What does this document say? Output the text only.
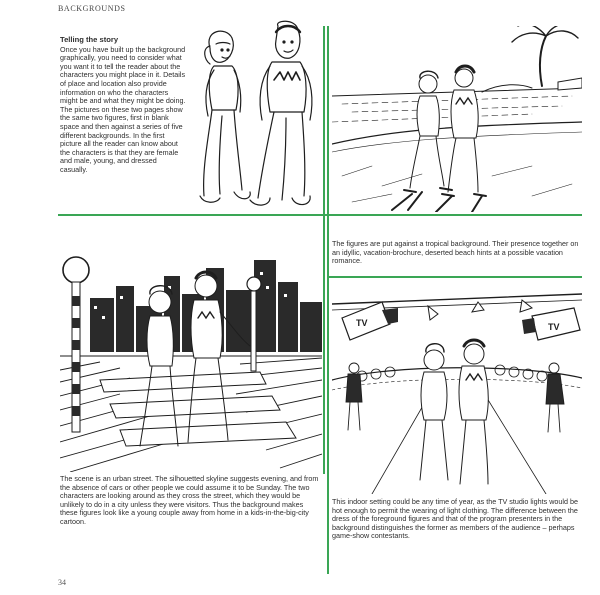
BACKGROUNDS
Telling the story

Once you have built up the background graphically, you need to consider what you want it to tell the reader about the characters you might place in it. Details of place and location also provide information on who the characters might be and what they might be doing. The pictures on these two pages show the same two figures, first in blank space and then against a series of five different backgrounds. In the first picture all the reader can know about the characters is that they are female and male, young, and dressed casually.

The figures are put against a tropical background. Their presence together on an idyllic, vacation-brochure, deserted beach hints at a possible vacation romance.
The scene is an urban street. The silhouetted skyline suggests evening, and from the absence of cars or other people we could assume it to be Sunday. The two characters are looking around as they cross the street, which they would be unlikely to do in a city unless they were visitors. Thus the background makes these figures look like a young couple away from home in a kids-in-the-big-city cartoon.
TV	TV
This indoor setting could be any time of year, as the TV studio lights would be hot enough to permit the wearing of light clothing. The difference between the dress of the foreground figures and that of the program presenters in the background distinguishes the former as members of the audience – perhaps game-show contestants.
34
